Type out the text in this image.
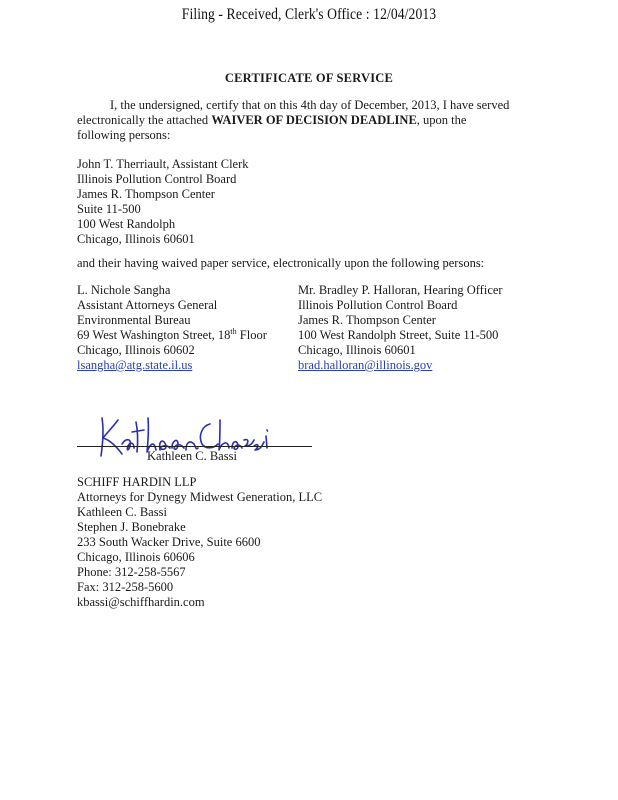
Filing - Received, Clerk's Office : 12/04/2013
CERTIFICATE OF SERVICE
I, the undersigned, certify that on this 4th day of December, 2013, I have served electronically the attached WAIVER OF DECISION DEADLINE, upon the following persons:
John T. Therriault, Assistant Clerk
Illinois Pollution Control Board
James R. Thompson Center
Suite 11-500
100 West Randolph
Chicago, Illinois 60601
and their having waived paper service, electronically upon the following persons:
L. Nichole Sangha
Assistant Attorneys General
Environmental Bureau
69 West Washington Street, 18th Floor
Chicago, Illinois 60602
lsangha@atg.state.il.us
Mr. Bradley P. Halloran, Hearing Officer
Illinois Pollution Control Board
James R. Thompson Center
100 West Randolph Street, Suite 11-500
Chicago, Illinois 60601
brad.halloran@illinois.gov
Kathleen C. Bassi
SCHIFF HARDIN LLP
Attorneys for Dynegy Midwest Generation, LLC
Kathleen C. Bassi
Stephen J. Bonebrake
233 South Wacker Drive, Suite 6600
Chicago, Illinois 60606
Phone: 312-258-5567
Fax: 312-258-5600
kbassi@schiffhardin.com
